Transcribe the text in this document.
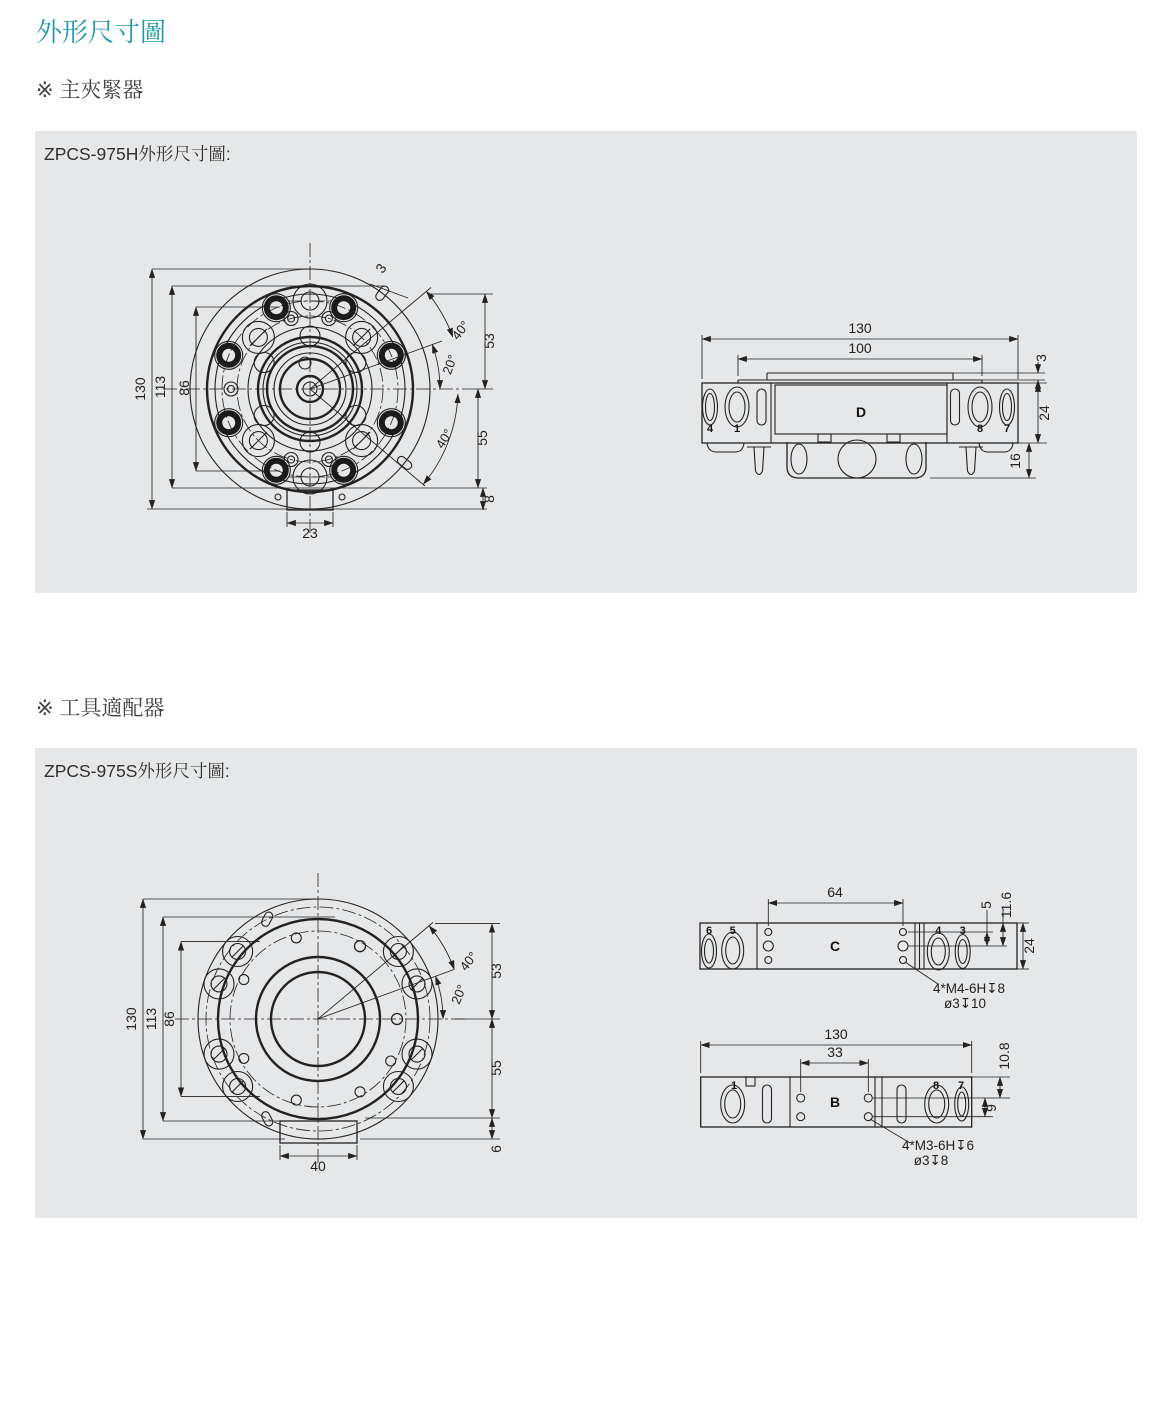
外形尺寸圖
※ 主夾緊器
ZPCS-975H外形尺寸圖:
40°
20°
40°
130 113 86
53
55
8
23
3
D
4 1	8 7
130
100
3
24
16
※ 工具適配器
ZPCS-975S外形尺寸圖:
40°
20°
130 113 86
53
55
6
40
C
6 5	4 3
64
5 11.6
24
4*M4-6H↧8
ø3↧10
B
1	8 7
130
33	10.8
9
4*M3-6H↧6
ø3↧8
